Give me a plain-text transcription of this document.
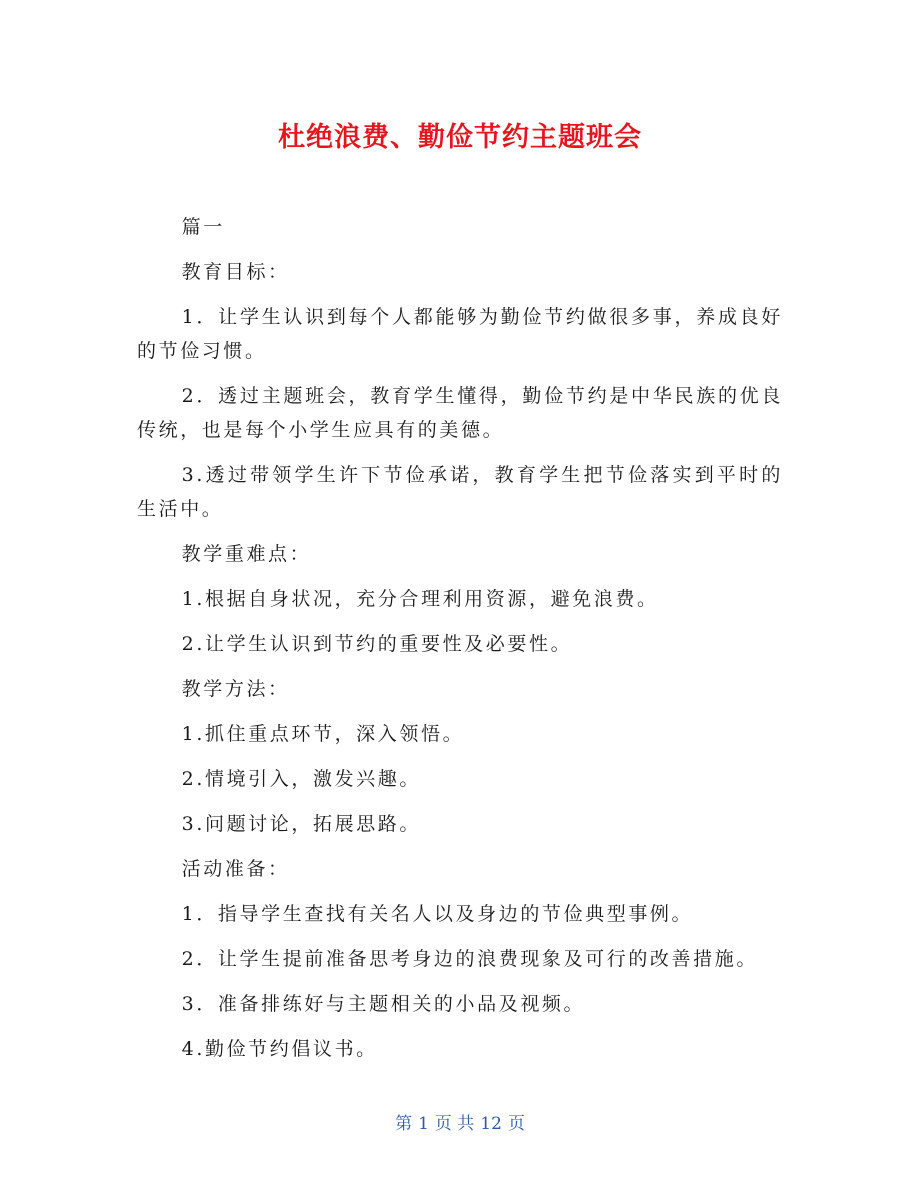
杜绝浪费、勤俭节约主题班会

篇一

教育目标：

1．让学生认识到每个人都能够为勤俭节约做很多事，养成良好的节俭习惯。

2．透过主题班会，教育学生懂得，勤俭节约是中华民族的优良传统，也是每个小学生应具有的美德。

3.透过带领学生许下节俭承诺，教育学生把节俭落实到平时的生活中。

教学重难点：

1.根据自身状况，充分合理利用资源，避免浪费。

2.让学生认识到节约的重要性及必要性。

教学方法：

1.抓住重点环节，深入领悟。

2.情境引入，激发兴趣。

3.问题讨论，拓展思路。

活动准备：

1．指导学生查找有关名人以及身边的节俭典型事例。

2．让学生提前准备思考身边的浪费现象及可行的改善措施。

3．准备排练好与主题相关的小品及视频。

4.勤俭节约倡议书。

第 1 页 共 12 页
